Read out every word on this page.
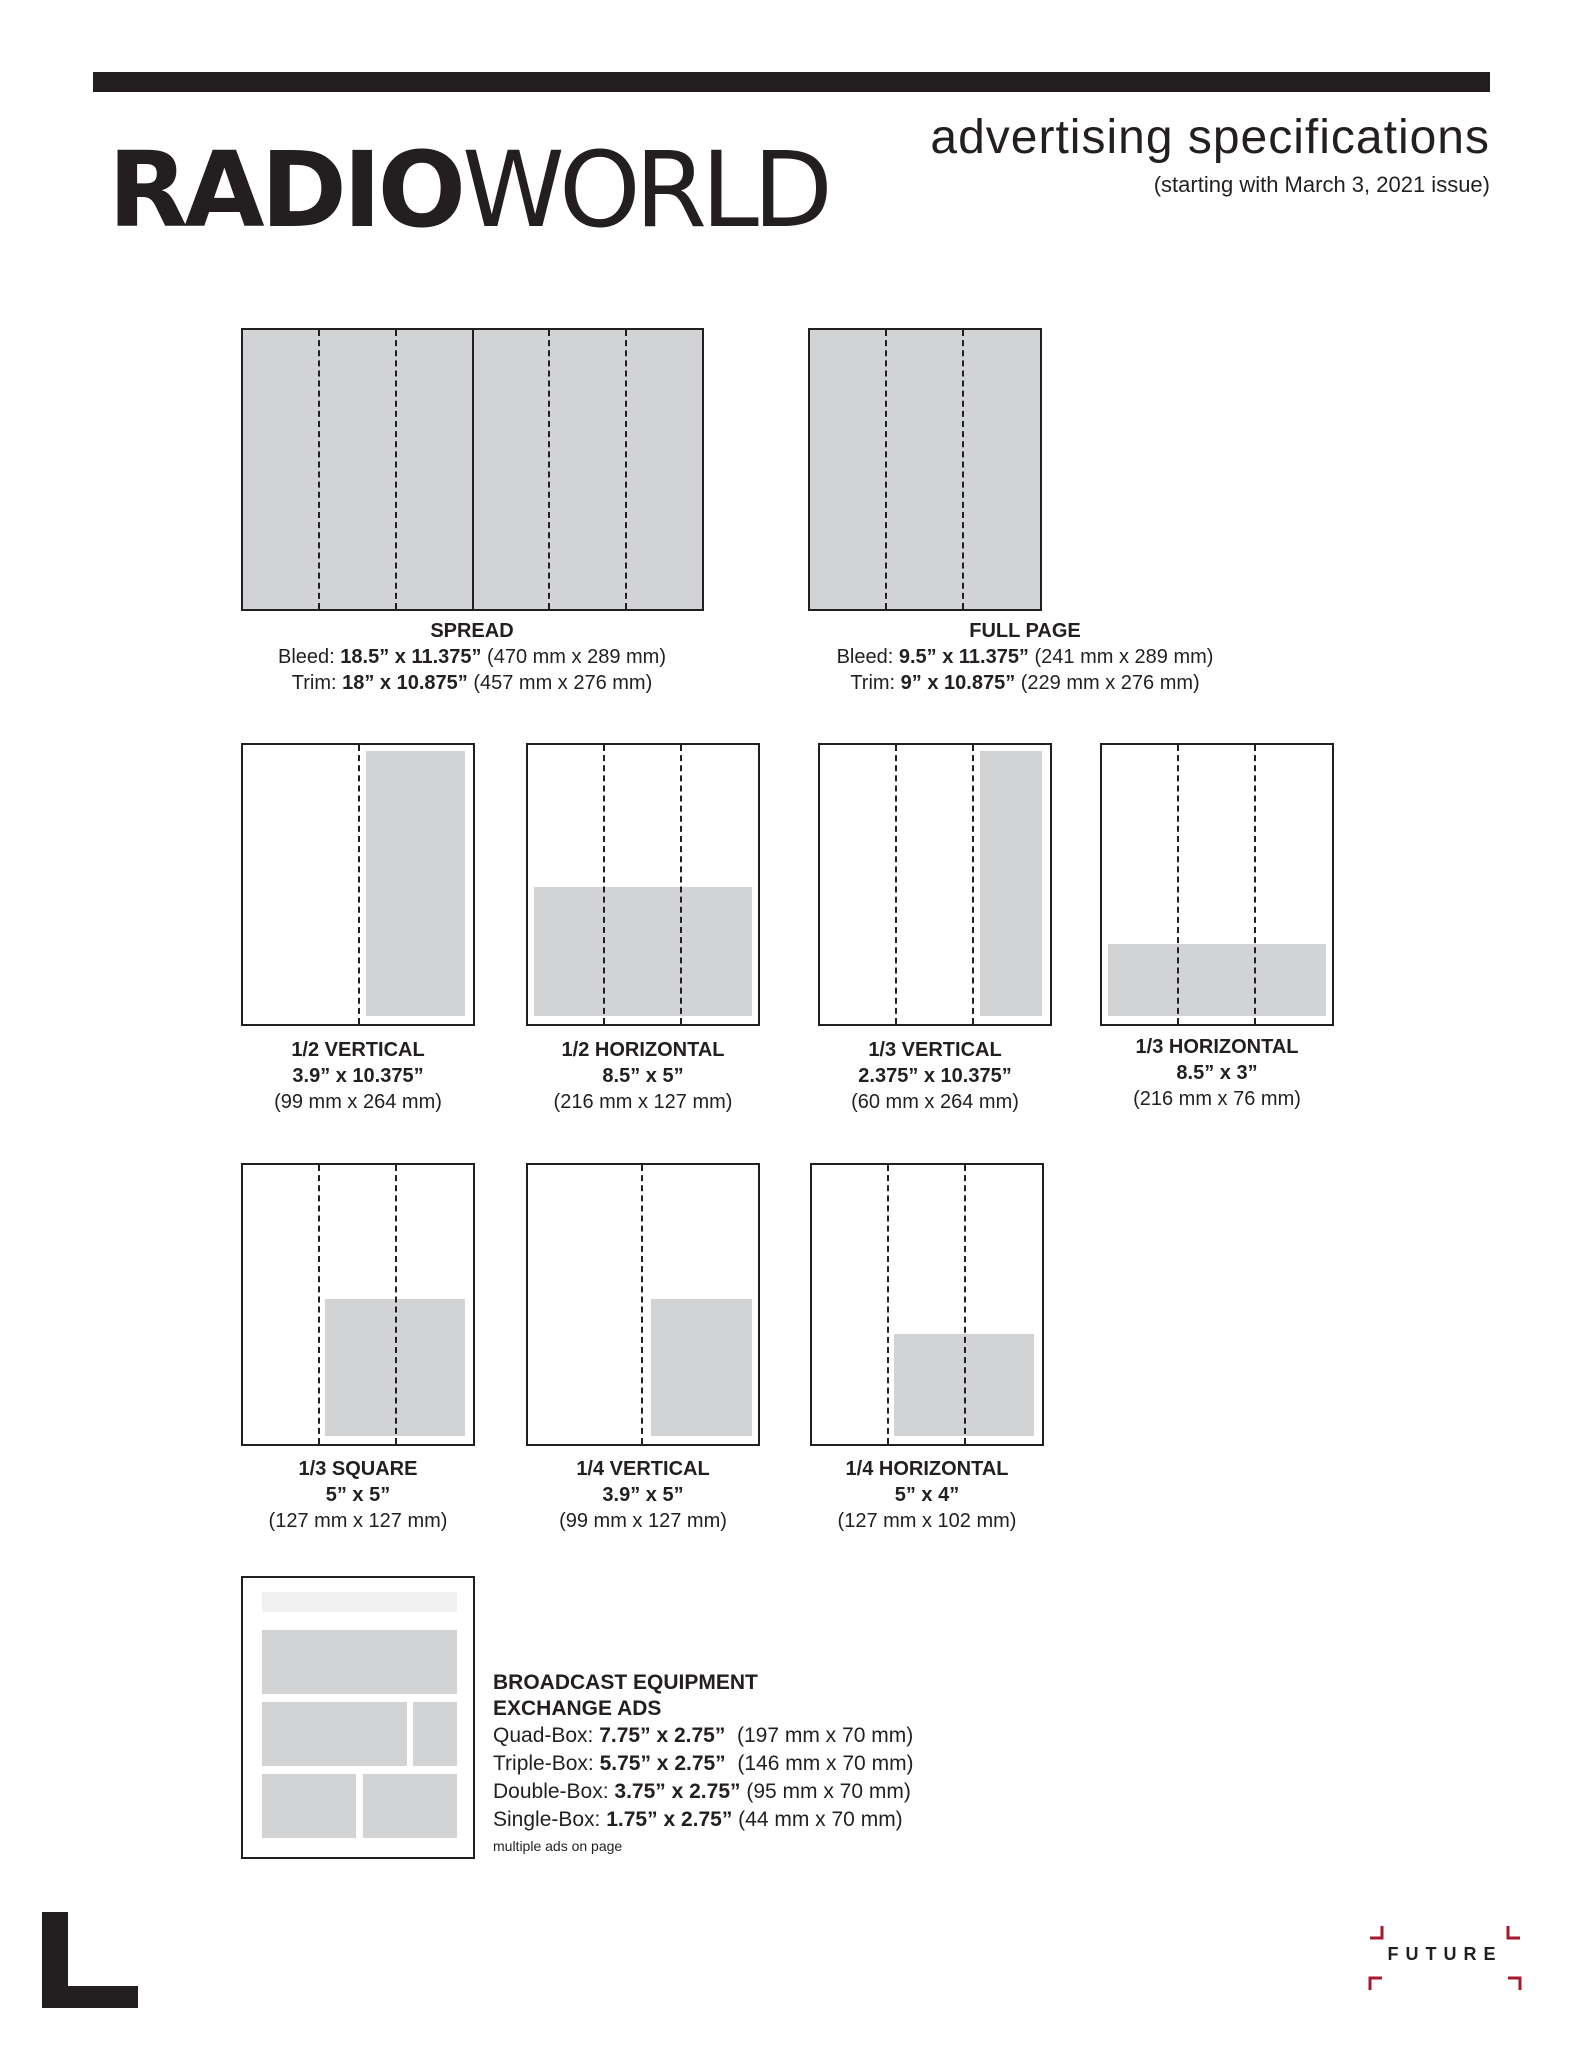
RADIOWORLD advertising specifications
(starting with March 3, 2021 issue)
SPREAD
Bleed: 18.5” x 11.375” (470 mm x 289 mm)
Trim: 18” x 10.875” (457 mm x 276 mm)
FULL PAGE
Bleed: 9.5” x 11.375” (241 mm x 289 mm)
Trim: 9” x 10.875” (229 mm x 276 mm)
1/2 VERTICAL
3.9” x 10.375”
(99 mm x 264 mm)
1/2 HORIZONTAL
8.5” x 5”
(216 mm x 127 mm)
1/3 VERTICAL
2.375” x 10.375”
(60 mm x 264 mm)
1/3 HORIZONTAL
8.5” x 3”
(216 mm x 76 mm)
1/3 SQUARE
5” x 5”
(127 mm x 127 mm)
1/4 VERTICAL
3.9” x 5”
(99 mm x 127 mm)
1/4 HORIZONTAL
5” x 4”
(127 mm x 102 mm)
BROADCAST EQUIPMENT
EXCHANGE ADS
Quad-Box: 7.75” x 2.75”  (197 mm x 70 mm)
Triple-Box: 5.75” x 2.75”  (146 mm x 70 mm)
Double-Box: 3.75” x 2.75” (95 mm x 70 mm)
Single-Box: 1.75” x 2.75” (44 mm x 70 mm)
multiple ads on page
FUTURE
